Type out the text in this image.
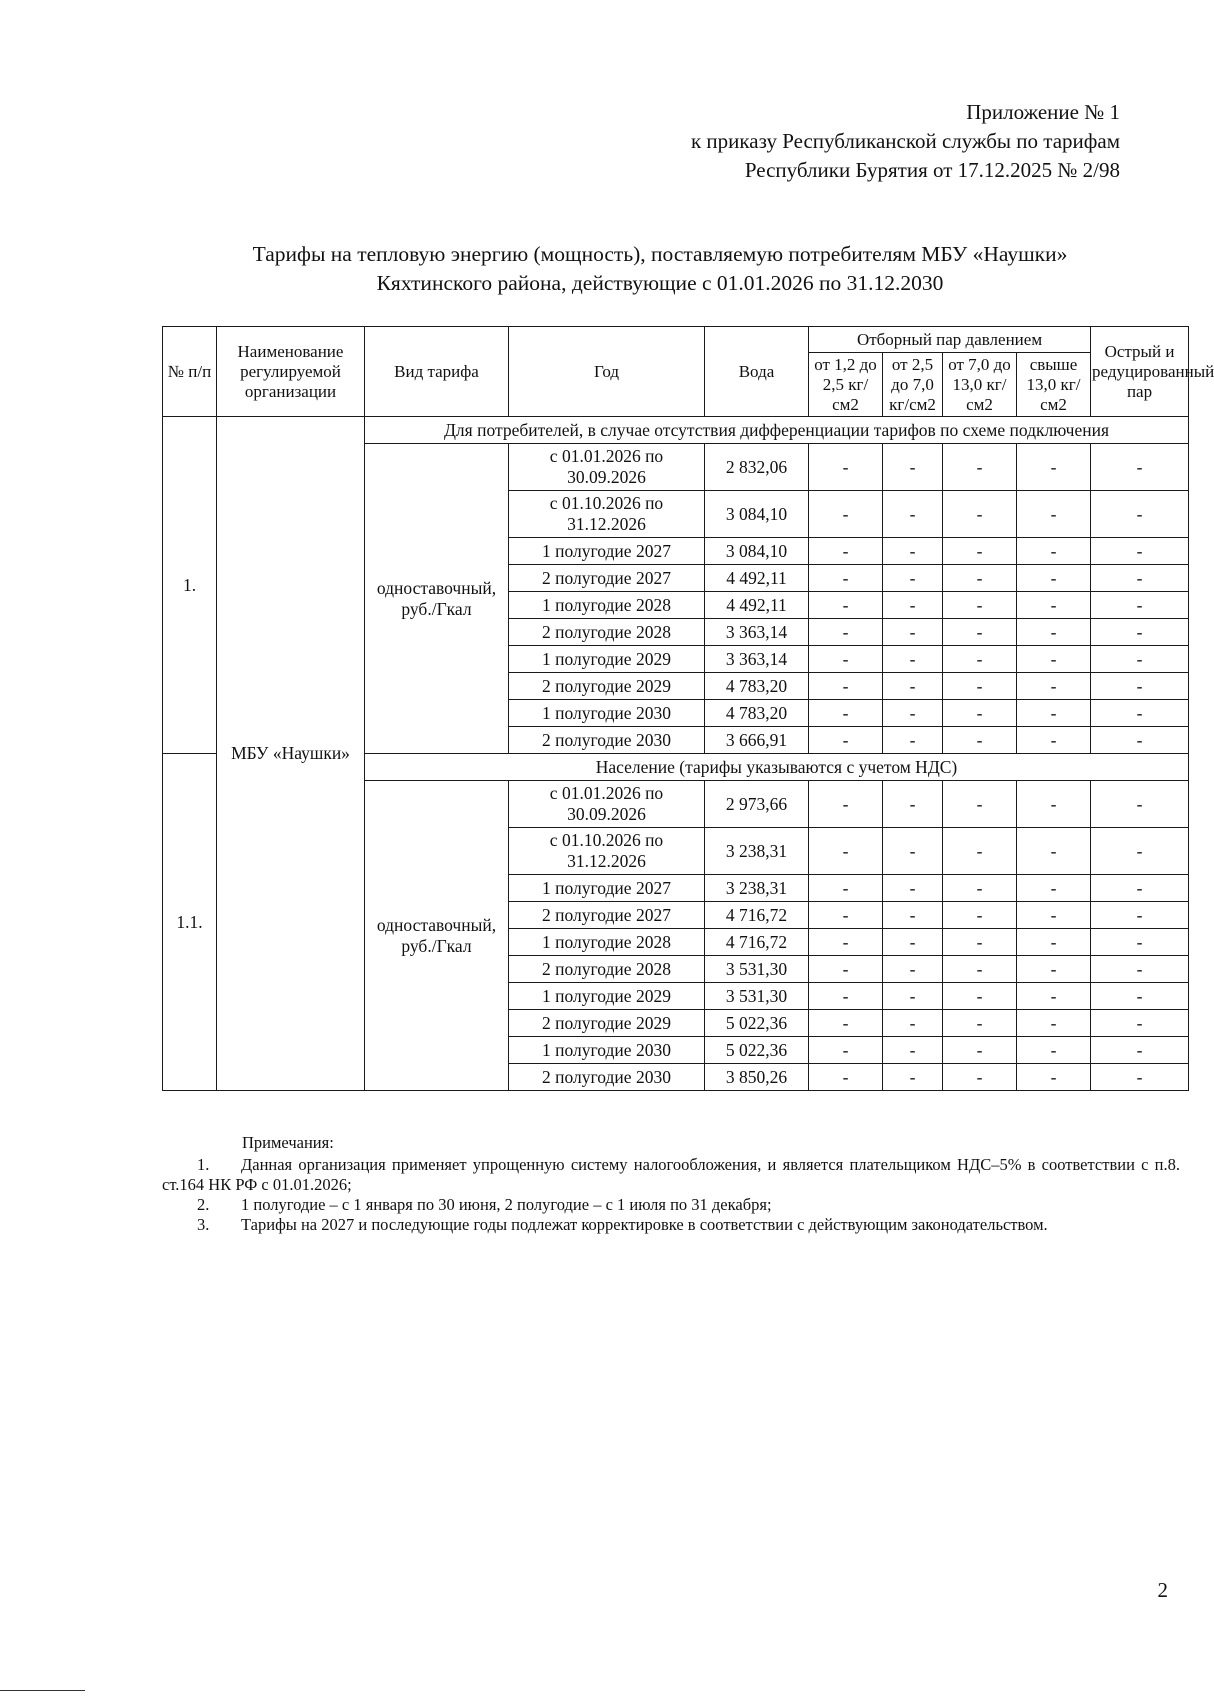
Приложение № 1
к приказу Республиканской службы по тарифам
Республики Бурятия от 17.12.2025 № 2/98
Тарифы на тепловую энергию (мощность), поставляемую потребителям МБУ «Наушки»
Кяхтинского района, действующие с 01.01.2026 по 31.12.2030
№ п/п	Наименование регулируемой организации	Вид тарифа	Год	Вода	Отборный пар давлением				Острый и редуцированный пар
					от 1,2 до 2,5 кг/см2	от 2,5 до 7,0 кг/см2	от 7,0 до 13,0 кг/см2	свыше 13,0 кг/см2	
1.	МБУ «Наушки»	Для потребителей, в случае отсутствия дифференциации тарифов по схеме подключения							
		одноставочный, руб./Гкал	с 01.01.2026 по 30.09.2026	2 832,06	-	-	-	-	-
			с 01.10.2026 по 31.12.2026	3 084,10	-	-	-	-	-
			1 полугодие 2027	3 084,10	-	-	-	-	-
			2 полугодие 2027	4 492,11	-	-	-	-	-
			1 полугодие 2028	4 492,11	-	-	-	-	-
			2 полугодие 2028	3 363,14	-	-	-	-	-
			1 полугодие 2029	3 363,14	-	-	-	-	-
			2 полугодие 2029	4 783,20	-	-	-	-	-
			1 полугодие 2030	4 783,20	-	-	-	-	-
			2 полугодие 2030	3 666,91	-	-	-	-	-
1.1.		Население (тарифы указываются с учетом НДС)							
		одноставочный, руб./Гкал	с 01.01.2026 по 30.09.2026	2 973,66	-	-	-	-	-
			с 01.10.2026 по 31.12.2026	3 238,31	-	-	-	-	-
			1 полугодие 2027	3 238,31	-	-	-	-	-
			2 полугодие 2027	4 716,72	-	-	-	-	-
			1 полугодие 2028	4 716,72	-	-	-	-	-
			2 полугодие 2028	3 531,30	-	-	-	-	-
			1 полугодие 2029	3 531,30	-	-	-	-	-
			2 полугодие 2029	5 022,36	-	-	-	-	-
			1 полугодие 2030	5 022,36	-	-	-	-	-
			2 полугодие 2030	3 850,26	-	-	-	-	-
Примечания:
1. Данная организация применяет упрощенную систему налогообложения, и является плательщиком НДС–5% в соответствии с п.8. ст.164 НК РФ с 01.01.2026;
2. 1 полугодие – с 1 января по 30 июня, 2 полугодие – с 1 июля по 31 декабря;
3. Тарифы на 2027 и последующие годы подлежат корректировке в соответствии с действующим законодательством.
2
